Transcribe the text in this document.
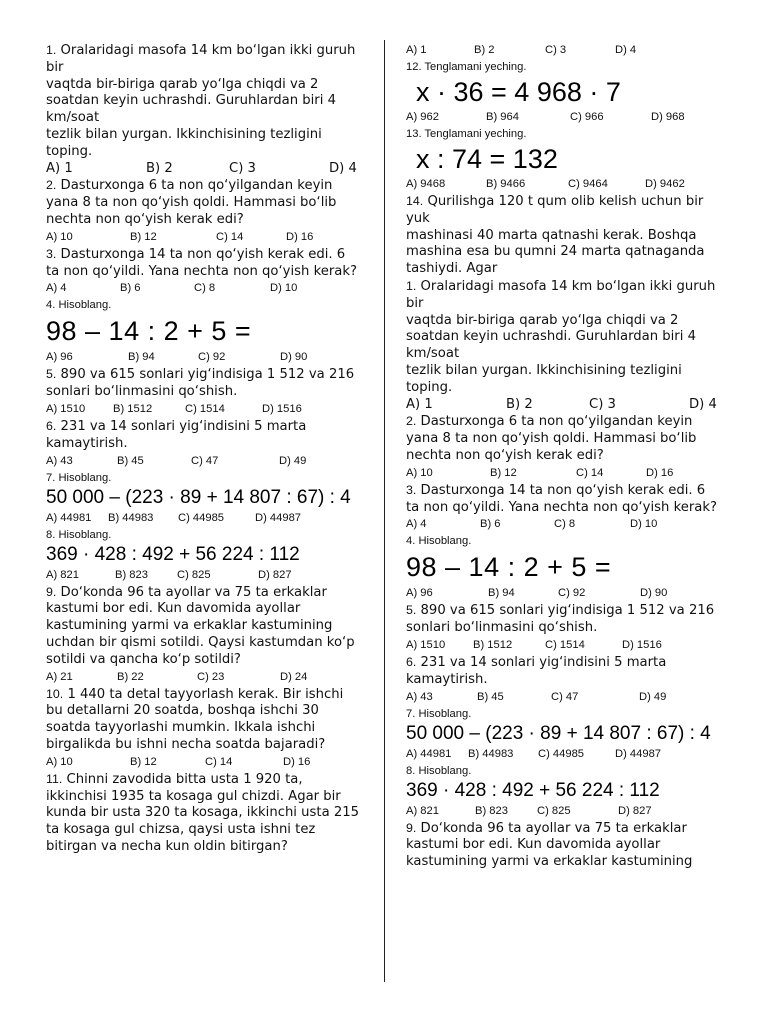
1. Oralaridagi masofa 14 km bo‘lgan ikki guruh bir
vaqtda bir-biriga qarab yo‘lga chiqdi va 2 soatdan keyin uchrashdi. Guruhlardan biri 4 km/soat
tezlik bilan yurgan. Ikkinchisining tezligini toping.

A) 1	B) 2	C) 3	D) 4

2. Dasturxonga 6 ta non qo‘yilgandan keyin yana 8 ta non qo‘yish qoldi. Hammasi bo‘lib nechta non qo‘yish kerak edi?

A) 10	B) 12	C) 14	D) 16

3. Dasturxonga 14 ta non qo‘yish kerak edi. 6
ta non qo‘yildi. Yana nechta non qo‘yish kerak?

A) 4	B) 6	C) 8	D) 10

4. Hisoblang.

98 – 14 : 2 + 5 =

A) 96	B) 94	C) 92	D) 90

5. 890 va 615 sonlari yig‘indisiga 1 512 va 216
sonlari bo‘linmasini qo‘shish.

A) 1510	B) 1512	C) 1514	D) 1516

6. 231 va 14 sonlari yig‘indisini 5 marta kamaytirish.

A) 43	B) 45	C) 47	D) 49

7. Hisoblang.

50 000 – (223 · 89 + 14 807 : 67) : 4

A) 44981	B) 44983	C) 44985	D) 44987

8. Hisoblang.

369 · 428 : 492 + 56 224 : 112

A) 821	B) 823	C) 825	D) 827

9. Do‘konda 96 ta ayollar va 75 ta erkaklar kastumi bor edi. Kun davomida ayollar kastumining yarmi va erkaklar kastumining uchdan bir qismi sotildi. Qaysi kastumdan ko‘p sotildi va qancha ko‘p sotildi?

A) 21	B) 22	C) 23	D) 24

10. 1 440 ta detal tayyorlash kerak. Bir ishchi bu detallarni 20 soatda, boshqa ishchi 30 soatda tayyorlashi mumkin. Ikkala ishchi birgalikda bu ishni necha soatda bajaradi?

A) 10	B) 12	C) 14	D) 16

11. Chinni zavodida bitta usta 1 920 ta, ikkinchisi 1935 ta kosaga gul chizdi. Agar bir kunda bir usta 320 ta kosaga, ikkinchi usta 215 ta kosaga gul chizsa, qaysi usta ishni tez bitirgan va necha kun oldin bitirgan?

A) 1	B) 2	C) 3	D) 4

12. Tenglamani yeching.

x · 36 = 4 968 · 7

A) 962	B) 964	C) 966	D) 968

13. Tenglamani yeching.

x : 74 = 132

A) 9468	B) 9466	C) 9464	D) 9462

14. Qurilishga 120 t qum olib kelish uchun bir yuk
mashinasi 40 marta qatnashi kerak. Boshqa mashina esa bu qumni 24 marta qatnaganda tashiydi. Agar

1. Oralaridagi masofa 14 km bo‘lgan ikki guruh bir
vaqtda bir-biriga qarab yo‘lga chiqdi va 2 soatdan keyin uchrashdi. Guruhlardan biri 4 km/soat
tezlik bilan yurgan. Ikkinchisining tezligini toping.

A) 1	B) 2	C) 3	D) 4

2. Dasturxonga 6 ta non qo‘yilgandan keyin yana 8 ta non qo‘yish qoldi. Hammasi bo‘lib nechta non qo‘yish kerak edi?

A) 10	B) 12	C) 14	D) 16

3. Dasturxonga 14 ta non qo‘yish kerak edi. 6
ta non qo‘yildi. Yana nechta non qo‘yish kerak?

A) 4	B) 6	C) 8	D) 10

4. Hisoblang.

98 – 14 : 2 + 5 =

A) 96	B) 94	C) 92	D) 90

5. 890 va 615 sonlari yig‘indisiga 1 512 va 216
sonlari bo‘linmasini qo‘shish.

A) 1510	B) 1512	C) 1514	D) 1516

6. 231 va 14 sonlari yig‘indisini 5 marta kamaytirish.

A) 43	B) 45	C) 47	D) 49

7. Hisoblang.

50 000 – (223 · 89 + 14 807 : 67) : 4

A) 44981	B) 44983	C) 44985	D) 44987

8. Hisoblang.

369 · 428 : 492 + 56 224 : 112

A) 821	B) 823	C) 825	D) 827

9. Do‘konda 96 ta ayollar va 75 ta erkaklar kastumi bor edi. Kun davomida ayollar kastumining yarmi va erkaklar kastumining
